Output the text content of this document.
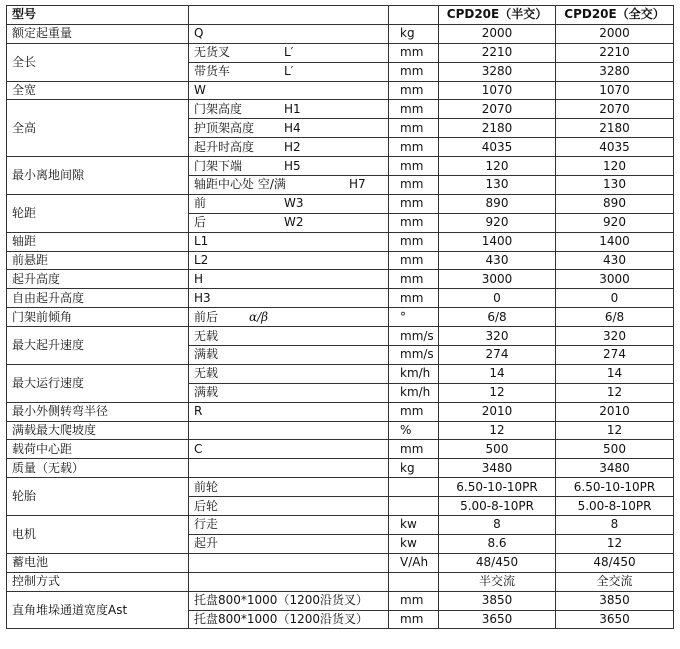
型号			CPD20E（半交）	CPD20E（全交）
额定起重量	Q	kg	2000	2000
全长	无货叉 L′	mm	2210	2210
	带货车 L′	mm	3280	3280
全宽	W	mm	1070	1070
全高	门架高度 H1	mm	2070	2070
	护顶架高度 H4	mm	2180	2180
	起升时高度 H2	mm	4035	4035
最小离地间隙	门架下端 H5	mm	120	120
	轴距中心处 空/满 H7	mm	130	130
轮距	前 W3	mm	890	890
	后 W2	mm	920	920
轴距	L1	mm	1400	1400
前悬距	L2	mm	430	430
起升高度	H	mm	3000	3000
自由起升高度	H3	mm	0	0
门架前倾角	前后 α/β	°	6/8	6/8
最大起升速度	无载	mm/s	320	320
	满载	mm/s	274	274
最大运行速度	无载	km/h	14	14
	满载	km/h	12	12
最小外侧转弯半径	R	mm	2010	2010
满载最大爬坡度		%	12	12
载荷中心距	C	mm	500	500
质量（无载）		kg	3480	3480
轮胎	前轮		6.50-10-10PR	6.50-10-10PR
	后轮		5.00-8-10PR	5.00-8-10PR
电机	行走	kw	8	8
	起升	kw	8.6	12
蓄电池		V/Ah	48/450	48/450
控制方式			半交流	全交流
直角堆垛通道宽度Ast	托盘800*1000（1200沿货叉）	mm	3850	3850
	托盘800*1000（1200沿货叉）	mm	3650	3650
